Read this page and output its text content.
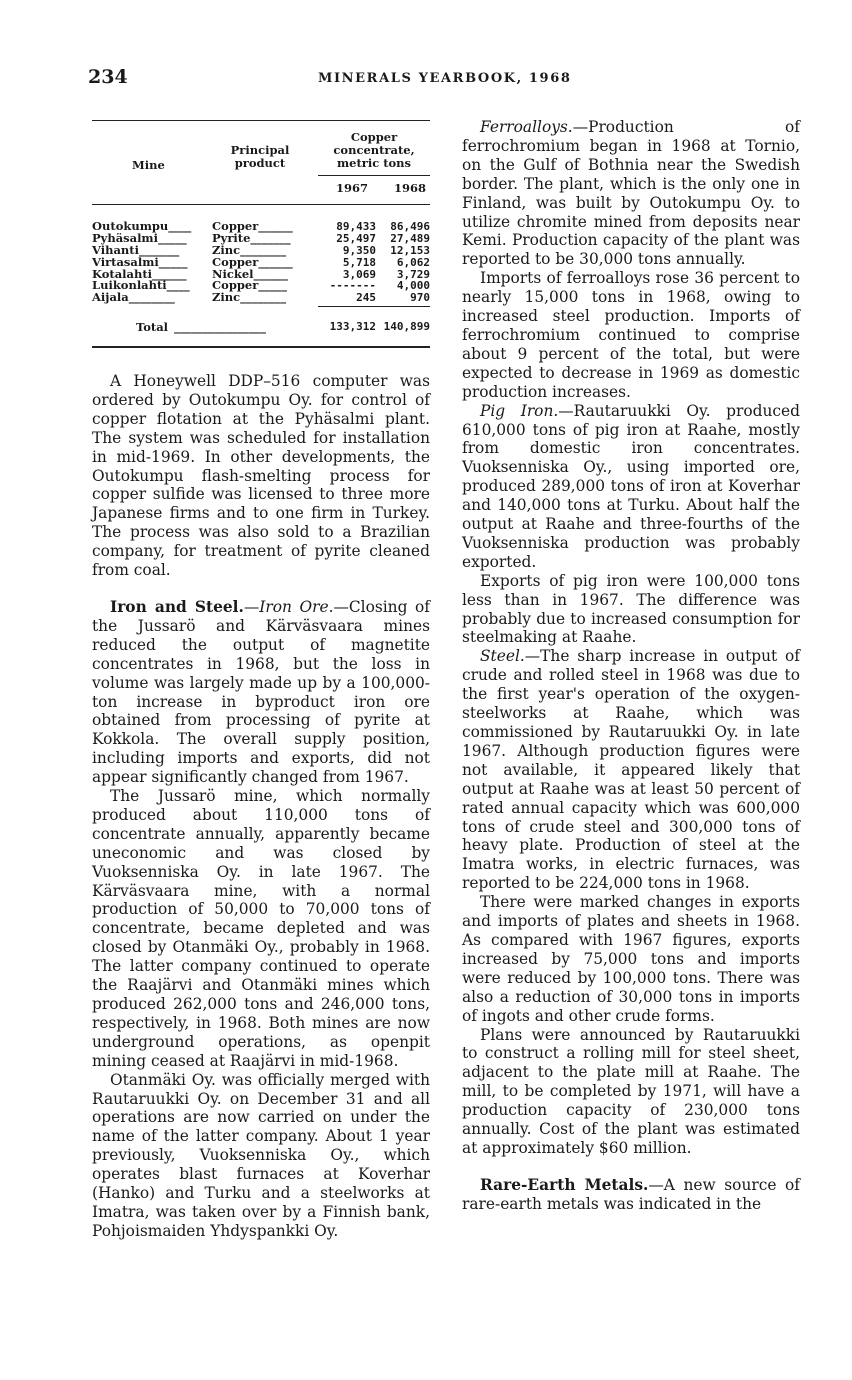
234	MINERALS YEARBOOK, 1968
Mine
Principal product
Copper concentrate, metric tons
1967	1968
Outokumpu____ Copper______	89,433	86,496
Pyhäsalmi_____ Pyrite_______	25,497	27,489
Vihanti_______	Zinc________	9,350	12,153
Virtasalmi_____ Copper______	5,718	6,062
Kotalahti______ Nickel______	3,069	3,729
Luikonlahti____ Copper_____	-------	4,000
Aijala________	Zinc________	245	970
Total ________________	133,312 140,899

A Honeywell DDP–516 computer was ordered by Outokumpu Oy. for control of copper flotation at the Pyhäsalmi plant. The system was scheduled for installation in mid-1969. In other developments, the Outokumpu flash-smelting process for copper sulfide was licensed to three more Japanese firms and to one firm in Turkey. The process was also sold to a Brazilian company, for treatment of pyrite cleaned from coal.

Iron and Steel.—Iron Ore.—Closing of the Jussarö and Kärväsvaara mines reduced the output of magnetite concentrates in 1968, but the loss in volume was largely made up by a 100,000-ton increase in byproduct iron ore obtained from processing of pyrite at Kokkola. The overall supply position, including imports and exports, did not appear significantly changed from 1967.

The Jussarö mine, which normally produced about 110,000 tons of concentrate annually, apparently became uneconomic and was closed by Vuoksenniska Oy. in late 1967. The Kärväsvaara mine, with a normal production of 50,000 to 70,000 tons of concentrate, became depleted and was closed by Otanmäki Oy., probably in 1968. The latter company continued to operate the Raajärvi and Otanmäki mines which produced 262,000 tons and 246,000 tons, respectively, in 1968. Both mines are now underground operations, as openpit mining ceased at Raajärvi in mid-1968.

Otanmäki Oy. was officially merged with Rautaruukki Oy. on December 31 and all operations are now carried on under the name of the latter company. About 1 year previously, Vuoksenniska Oy., which operates blast furnaces at Koverhar (Hanko) and Turku and a steelworks at Imatra, was taken over by a Finnish bank, Pohjoismaiden Yhdyspankki Oy.

Ferroalloys.—Production of ferrochromium began in 1968 at Tornio, on the Gulf of Bothnia near the Swedish border. The plant, which is the only one in Finland, was built by Outokumpu Oy. to utilize chromite mined from deposits near Kemi. Production capacity of the plant was reported to be 30,000 tons annually.

Imports of ferroalloys rose 36 percent to nearly 15,000 tons in 1968, owing to increased steel production. Imports of ferrochromium continued to comprise about 9 percent of the total, but were expected to decrease in 1969 as domestic production increases.

Pig Iron.—Rautaruukki Oy. produced 610,000 tons of pig iron at Raahe, mostly from domestic iron concentrates. Vuoksenniska Oy., using imported ore, produced 289,000 tons of iron at Koverhar and 140,000 tons at Turku. About half the output at Raahe and three-fourths of the Vuoksenniska production was probably exported.

Exports of pig iron were 100,000 tons less than in 1967. The difference was probably due to increased consumption for steelmaking at Raahe.

Steel.—The sharp increase in output of crude and rolled steel in 1968 was due to the first year's operation of the oxygen-steelworks at Raahe, which was commissioned by Rautaruukki Oy. in late 1967. Although production figures were not available, it appeared likely that output at Raahe was at least 50 percent of rated annual capacity which was 600,000 tons of crude steel and 300,000 tons of heavy plate. Production of steel at the Imatra works, in electric furnaces, was reported to be 224,000 tons in 1968.

There were marked changes in exports and imports of plates and sheets in 1968. As compared with 1967 figures, exports increased by 75,000 tons and imports were reduced by 100,000 tons. There was also a reduction of 30,000 tons in imports of ingots and other crude forms.

Plans were announced by Rautaruukki to construct a rolling mill for steel sheet, adjacent to the plate mill at Raahe. The mill, to be completed by 1971, will have a production capacity of 230,000 tons annually. Cost of the plant was estimated at approximately $60 million.

Rare-Earth Metals.—A new source of rare-earth metals was indicated in the
